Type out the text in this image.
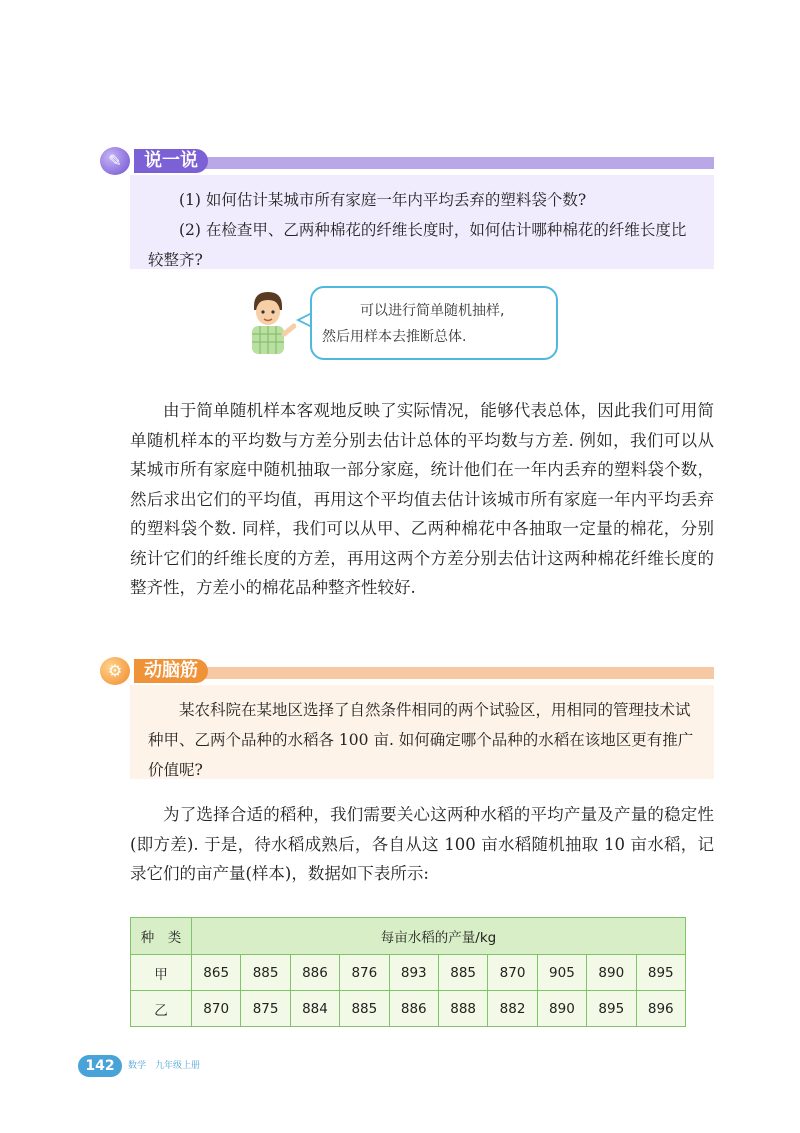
✎	说一说

(1) 如何估计某城市所有家庭一年内平均丢弃的塑料袋个数?

(2) 在检查甲、乙两种棉花的纤维长度时，如何估计哪种棉花的纤维长度比较整齐?

可以进行简单随机抽样,
然后用样本去推断总体.

由于简单随机样本客观地反映了实际情况，能够代表总体，因此我们可用简单随机样本的平均数与方差分别去估计总体的平均数与方差. 例如，我们可以从某城市所有家庭中随机抽取一部分家庭，统计他们在一年内丢弃的塑料袋个数，然后求出它们的平均值，再用这个平均值去估计该城市所有家庭一年内平均丢弃的塑料袋个数. 同样，我们可以从甲、乙两种棉花中各抽取一定量的棉花，分别统计它们的纤维长度的方差，再用这两个方差分别去估计这两种棉花纤维长度的整齐性，方差小的棉花品种整齐性较好.

⚙	动脑筋

某农科院在某地区选择了自然条件相同的两个试验区，用相同的管理技术试种甲、乙两个品种的水稻各 100 亩. 如何确定哪个品种的水稻在该地区更有推广价值呢?

为了选择合适的稻种，我们需要关心这两种水稻的平均产量及产量的稳定性(即方差). 于是，待水稻成熟后，各自从这 100 亩水稻随机抽取 10 亩水稻，记录它们的亩产量(样本)，数据如下表所示:

种　类	每亩水稻的产量/kg									
甲	865	885	886	876	893	885	870	905	890	895
乙	870	875	884	885	886	888	882	890	895	896
142	数学　九年级上册
